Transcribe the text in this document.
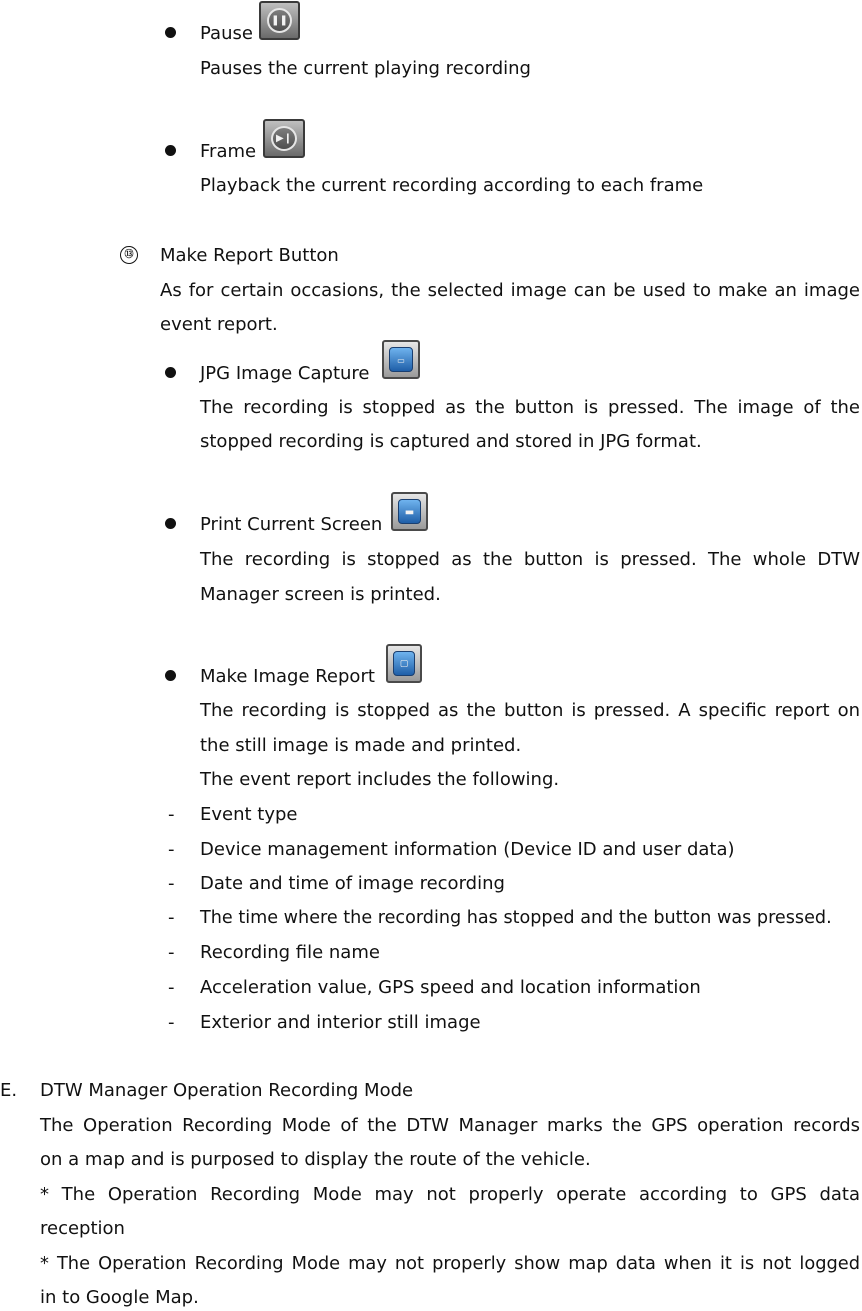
Pause
❚❚
Pauses the current playing recording
Frame
▶❙
Playback the current recording according to each frame
⑬ Make Report Button
As for certain occasions, the selected image can be used to make an image
event report.
JPG Image Capture
▭
The recording is stopped as the button is pressed. The image of the
stopped recording is captured and stored in JPG format.
Print Current Screen
▬
The recording is stopped as the button is pressed. The whole DTW
Manager screen is printed.
Make Image Report
▢
The recording is stopped as the button is pressed. A specific report on
the still image is made and printed.
The event report includes the following.
- Event type
- Device management information (Device ID and user data)
- Date and time of image recording
- The time where the recording has stopped and the button was pressed.
- Recording file name
- Acceleration value, GPS speed and location information
- Exterior and interior still image
E. DTW Manager Operation Recording Mode
The Operation Recording Mode of the DTW Manager marks the GPS operation records
on a map and is purposed to display the route of the vehicle.
* The Operation Recording Mode may not properly operate according to GPS data
reception
* The Operation Recording Mode may not properly show map data when it is not logged
in to Google Map.
